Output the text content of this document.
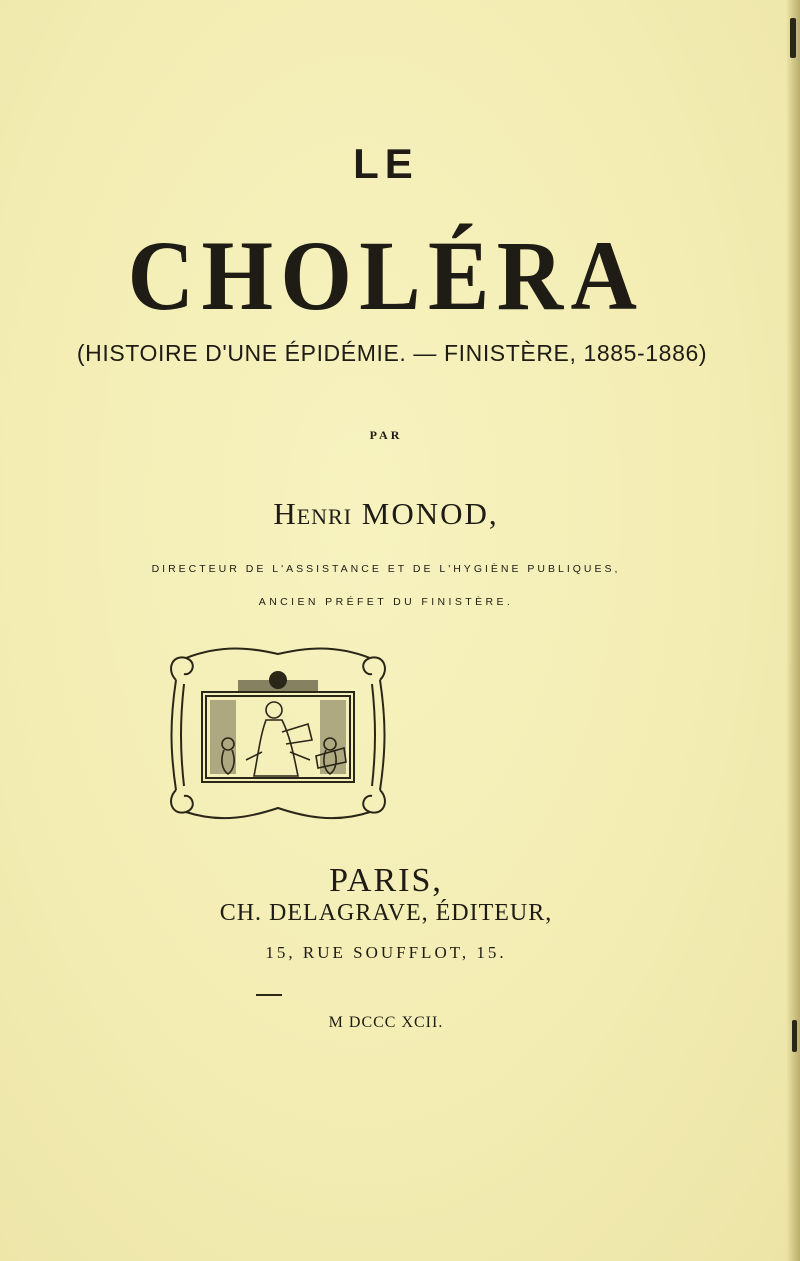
LE
CHOLÉRA
(HISTOIRE D'UNE ÉPIDÉMIE. — FINISTÈRE, 1885-1886)
PAR
Henri MONOD,
DIRECTEUR DE L'ASSISTANCE ET DE L'HYGIÈNE PUBLIQUES,
ANCIEN PRÉFET DU FINISTÈRE.
PARIS,
CH. DELAGRAVE, ÉDITEUR,
15, RUE SOUFFLOT, 15.
M DCCC XCII.
